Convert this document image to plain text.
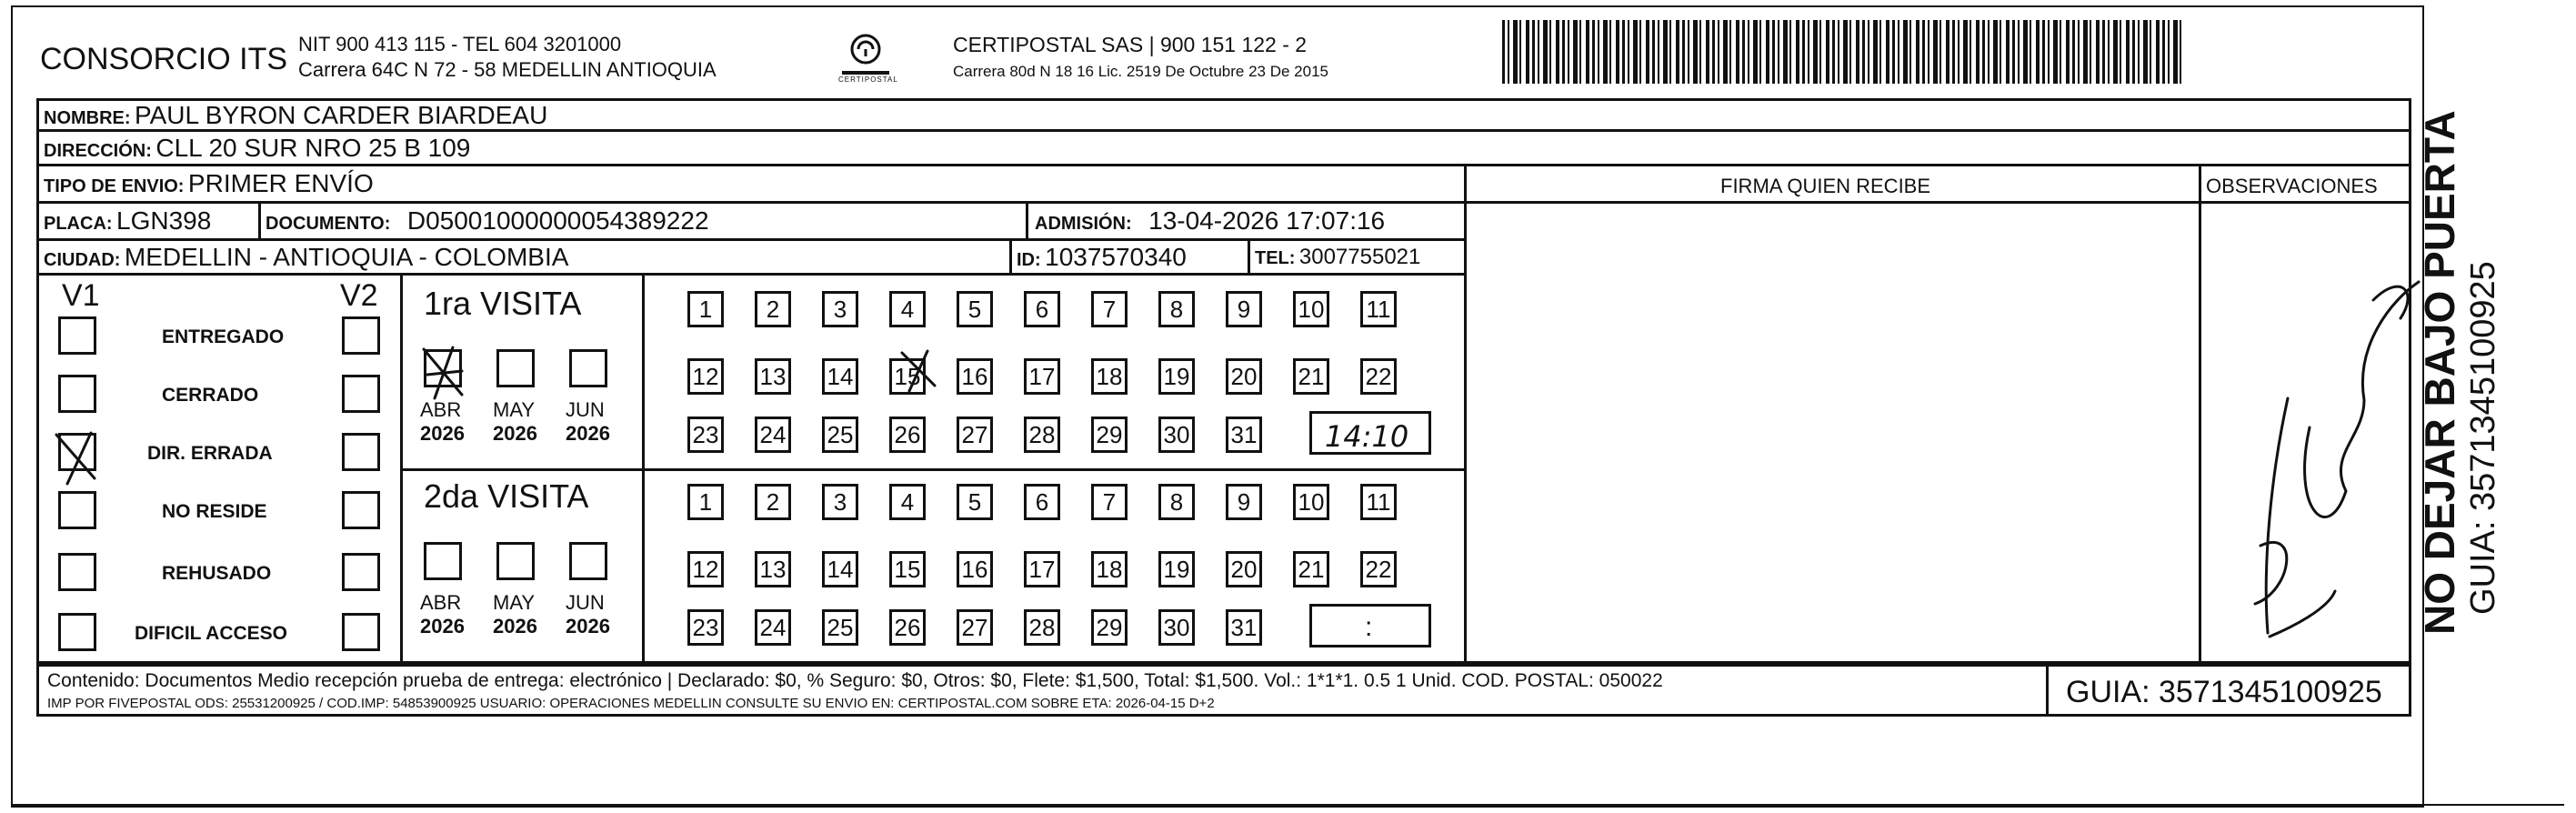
CONSORCIO ITS NIT 900 413 115 - TEL 604 3201000
Carrera 64C N 72 - 58 MEDELLIN ANTIOQUIA	CERTIPOSTAL
CERTIPOSTAL SAS | 900 151 122 - 2
Carrera 80d N 18 16 Lic. 2519 De Octubre 23 De 2015
NOMBRE: PAUL BYRON CARDER BIARDEAU
DIRECCIÓN: CLL 20 SUR NRO 25 B 109
TIPO DE ENVIO: PRIMER ENVÍO	FIRMA QUIEN RECIBE	OBSERVACIONES
PLACA: LGN398	DOCUMENTO: D05001000000054389222	ADMISIÓN: 13-04-2026 17:07:16
CIUDAD: MEDELLIN - ANTIOQUIA - COLOMBIA	ID: 1037570340	TEL: 3007755021
V1	V2
ENTREGADO
CERRADO
DIR. ERRADA
NO RESIDE
REHUSADO
DIFICIL ACCESO
1ra VISITA
2da VISITA
ABR
2026
MAY
2026
JUN
2026
ABR
2026
MAY
2026
JUN
2026
1	2	3	4	5	6	7	8	9	10 11
12 13 14 15 16 17 18 19 20 21 22
23 24 25 26 27 28 29 30 31
1	2	3	4	5	6	7	8	9	10 11
12 13 14 15 16 17 18 19 20 21 22
23 24 25 26 27 28 29 30 31
14:10
:	NO DEJAR BAJO PUERTA GUIA: 3571345100925
Contenido: Documentos Medio recepción prueba de entrega: electrónico | Declarado: $0, % Seguro: $0, Otros: $0, Flete: $1,500, Total: $1,500. Vol.: 1*1*1. 0.5 1 Unid. COD. POSTAL: 050022
IMP POR FIVEPOSTAL ODS: 25531200925 / COD.IMP: 54853900925 USUARIO: OPERACIONES MEDELLIN CONSULTE SU ENVIO EN: CERTIPOSTAL.COM SOBRE ETA: 2026-04-15 D+2	GUIA: 3571345100925
